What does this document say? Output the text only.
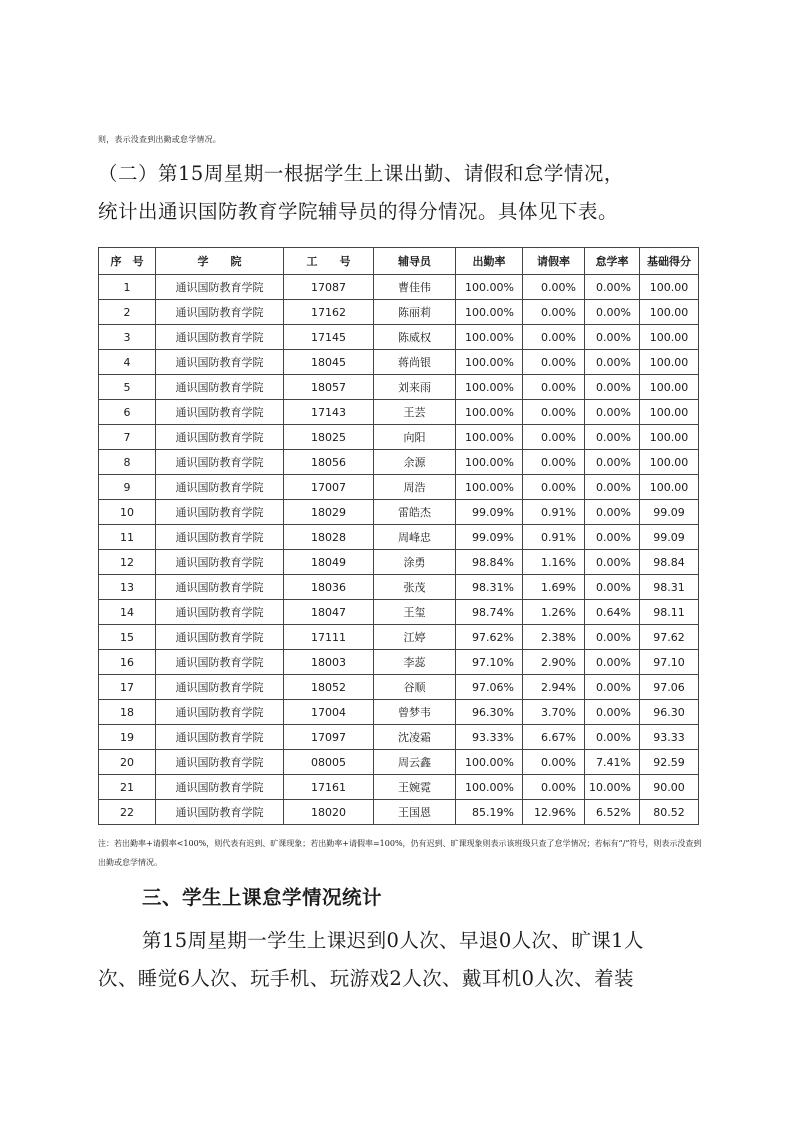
则，表示没查到出勤或怠学情况。
（二）第15周星期一根据学生上课出勤、请假和怠学情况，
统计出通识国防教育学院辅导员的得分情况。具体见下表。
序　号	学　　院	工　　号	辅导员	出勤率	请假率	怠学率	基础得分
1	通识国防教育学院	17087	曹佳伟	100.00%	0.00%	0.00%	100.00
2	通识国防教育学院	17162	陈丽莉	100.00%	0.00%	0.00%	100.00
3	通识国防教育学院	17145	陈威权	100.00%	0.00%	0.00%	100.00
4	通识国防教育学院	18045	蒋尚银	100.00%	0.00%	0.00%	100.00
5	通识国防教育学院	18057	刘来雨	100.00%	0.00%	0.00%	100.00
6	通识国防教育学院	17143	王芸	100.00%	0.00%	0.00%	100.00
7	通识国防教育学院	18025	向阳	100.00%	0.00%	0.00%	100.00
8	通识国防教育学院	18056	余源	100.00%	0.00%	0.00%	100.00
9	通识国防教育学院	17007	周浩	100.00%	0.00%	0.00%	100.00
10	通识国防教育学院	18029	雷皓杰	99.09%	0.91%	0.00%	99.09
11	通识国防教育学院	18028	周峰忠	99.09%	0.91%	0.00%	99.09
12	通识国防教育学院	18049	涂勇	98.84%	1.16%	0.00%	98.84
13	通识国防教育学院	18036	张茂	98.31%	1.69%	0.00%	98.31
14	通识国防教育学院	18047	王玺	98.74%	1.26%	0.64%	98.11
15	通识国防教育学院	17111	江婷	97.62%	2.38%	0.00%	97.62
16	通识国防教育学院	18003	李蕊	97.10%	2.90%	0.00%	97.10
17	通识国防教育学院	18052	谷顺	97.06%	2.94%	0.00%	97.06
18	通识国防教育学院	17004	曾梦韦	96.30%	3.70%	0.00%	96.30
19	通识国防教育学院	17097	沈凌霜	93.33%	6.67%	0.00%	93.33
20	通识国防教育学院	08005	周云鑫	100.00%	0.00%	7.41%	92.59
21	通识国防教育学院	17161	王婉霓	100.00%	0.00%	10.00%	90.00
22	通识国防教育学院	18020	王国恩	85.19%	12.96%	6.52%	80.52
注：若出勤率+请假率<100%，则代表有迟到、旷课现象；若出勤率+请假率=100%，仍有迟到、旷课现象则表示该班级只查了怠学情况；若标有“/”符号，则表示没查到出勤或怠学情况。
三、学生上课怠学情况统计
第15周星期一学生上课迟到0人次、早退0人次、旷课1人
次、睡觉6人次、玩手机、玩游戏2人次、戴耳机0人次、着装
